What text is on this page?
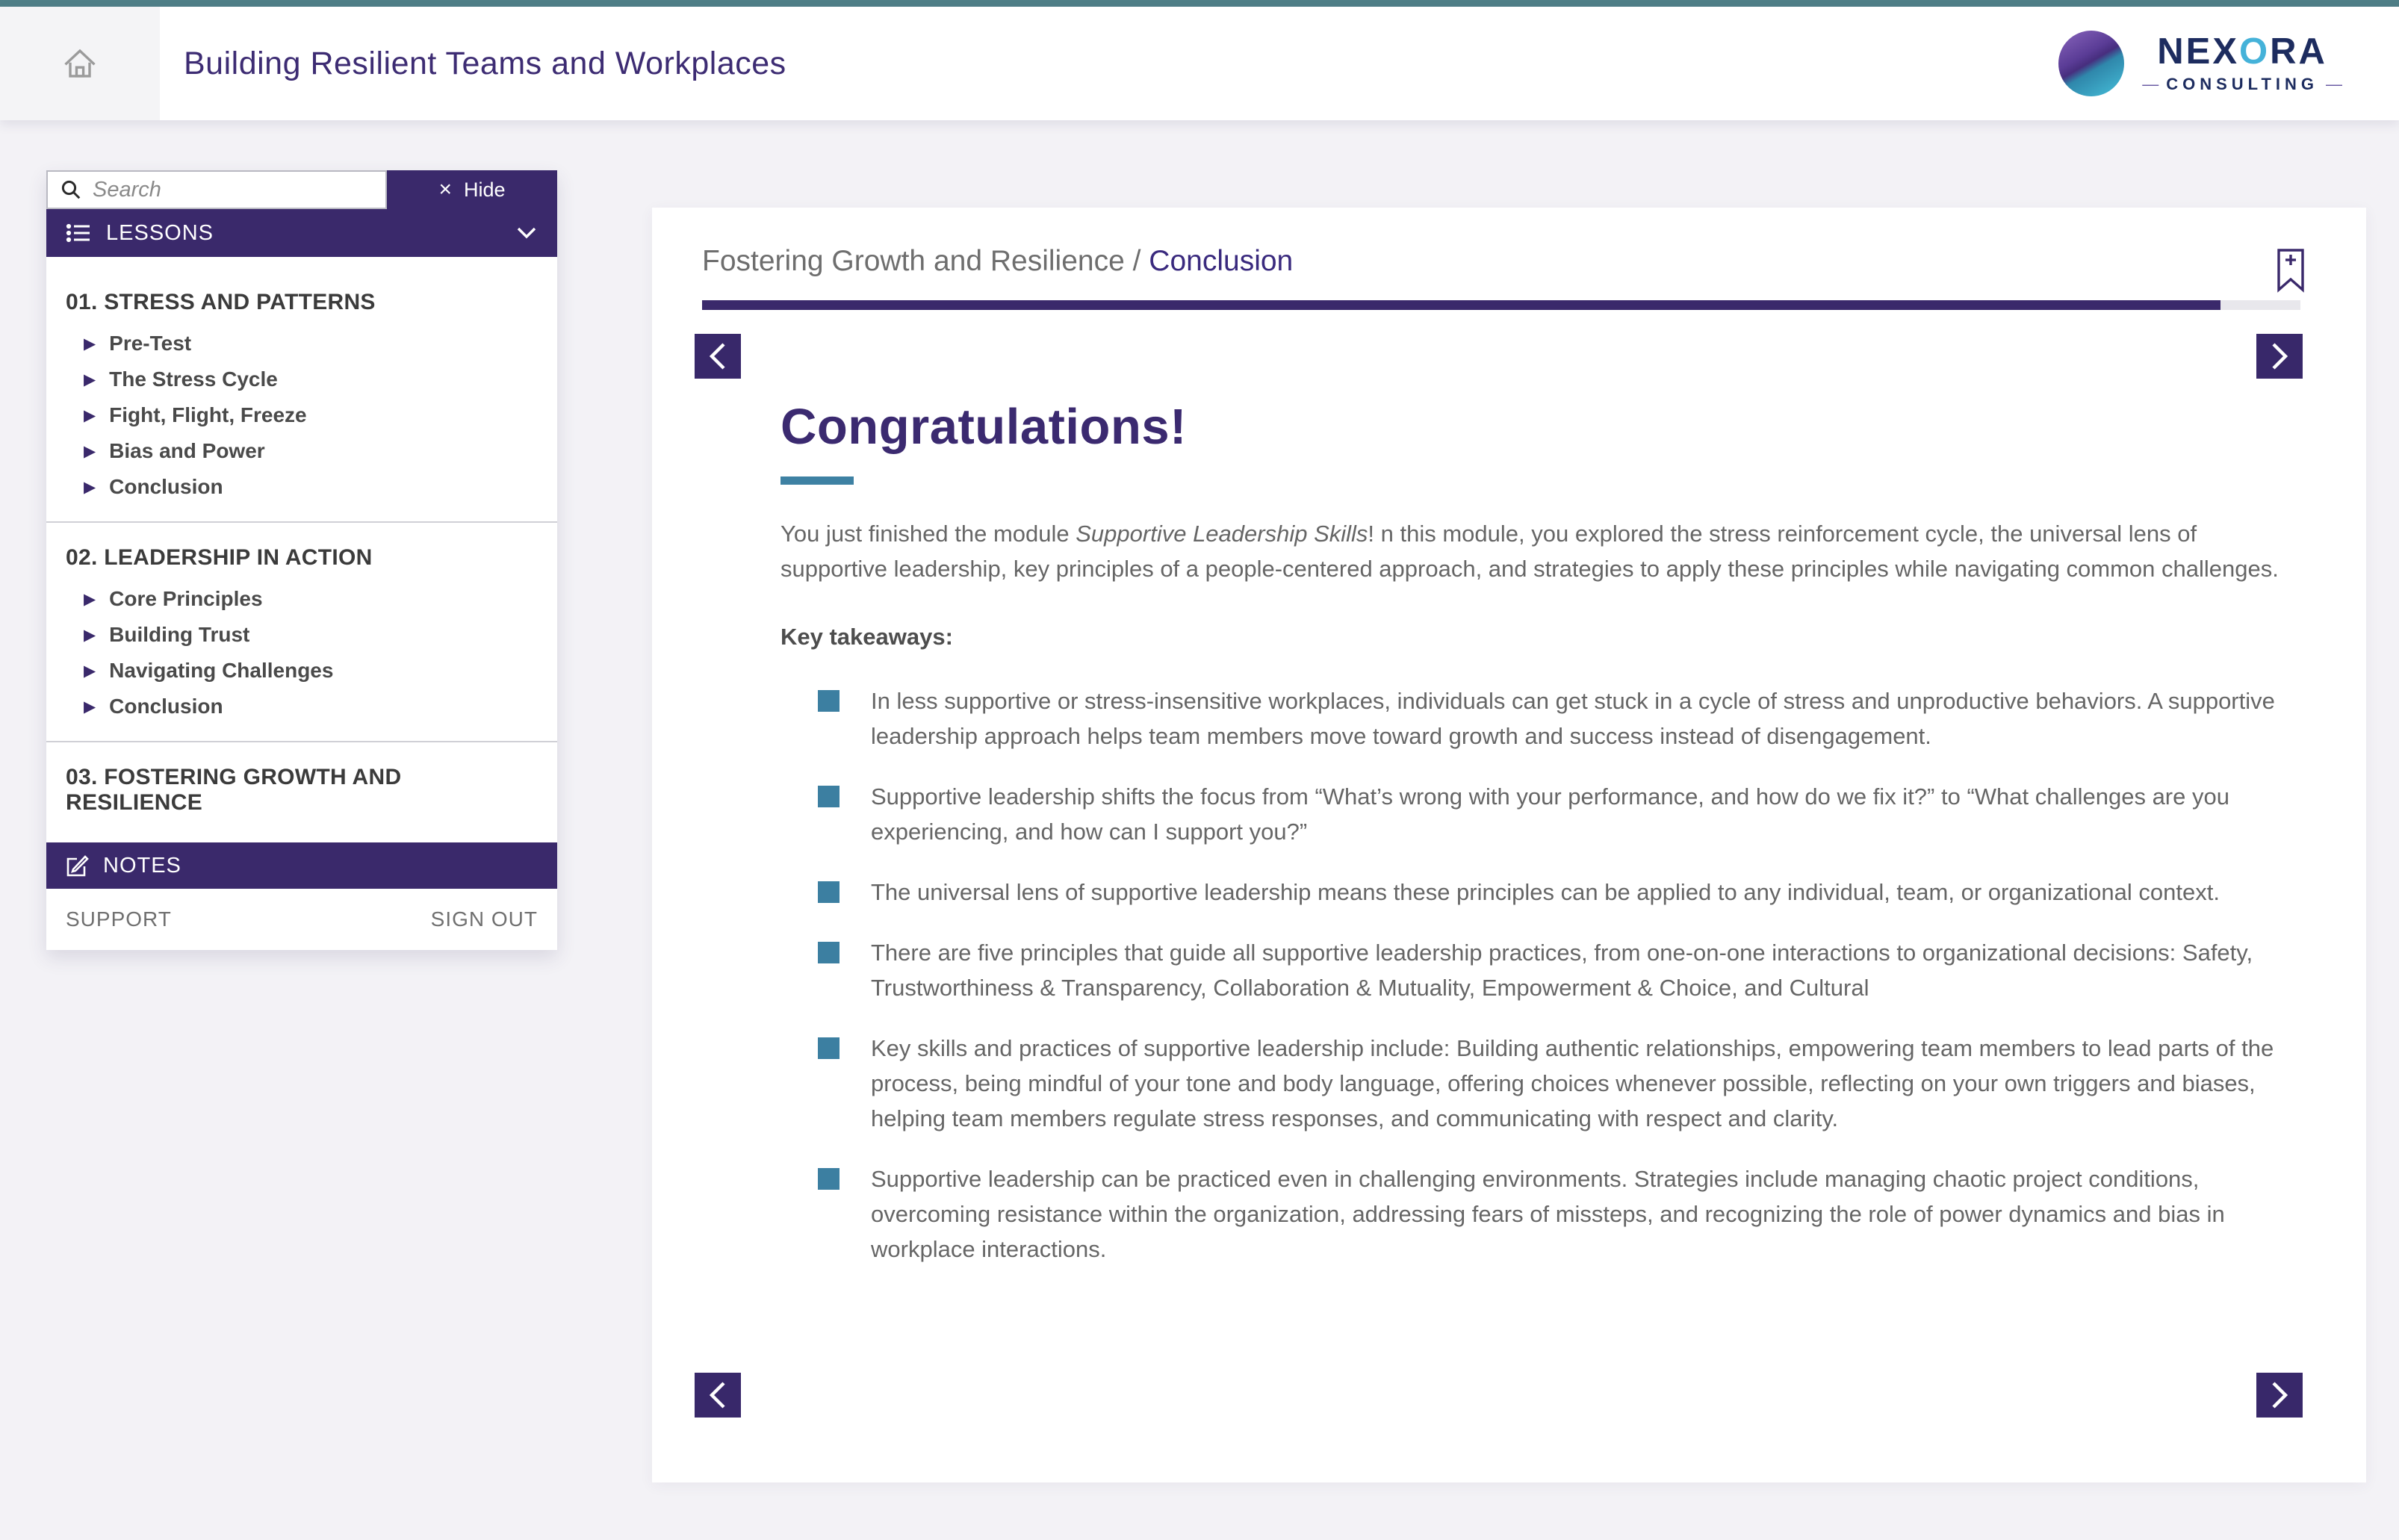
Building Resilient Teams and Workplaces	NEXORA
— CONSULTING —
Search
× Hide
LESSONS
01. STRESS AND PATTERNS
▶ Pre-Test
▶ The Stress Cycle
▶ Fight, Flight, Freeze
▶ Bias and Power
▶ Conclusion
02. LEADERSHIP IN ACTION
▶ Core Principles
▶ Building Trust
▶ Navigating Challenges
▶ Conclusion
03. FOSTERING GROWTH AND RESILIENCE
NOTES
SUPPORT	SIGN OUT
Fostering Growth and Resilience / Conclusion
Congratulations!

You just finished the module Supportive Leadership Skills! n this module, you explored the stress reinforcement cycle, the universal lens of supportive leadership, key principles of a people-centered approach, and strategies to apply these principles while navigating common challenges.

Key takeaways:

In less supportive or stress-insensitive workplaces, individuals can get stuck in a cycle of stress and unproductive behaviors. A supportive leadership approach helps team members move toward growth and success instead of disengagement.

Supportive leadership shifts the focus from “What’s wrong with your performance, and how do we fix it?” to “What challenges are you experiencing, and how can I support you?”

The universal lens of supportive leadership means these principles can be applied to any individual, team, or organizational context.

There are five principles that guide all supportive leadership practices, from one-on-one interactions to organizational decisions: Safety, Trustworthiness & Transparency, Collaboration & Mutuality, Empowerment & Choice, and Cultural

Key skills and practices of supportive leadership include: Building authentic relationships, empowering team members to lead parts of the process, being mindful of your tone and body language, offering choices whenever possible, reflecting on your own triggers and biases, helping team members regulate stress responses, and communicating with respect and clarity.

Supportive leadership can be practiced even in challenging environments. Strategies include managing chaotic project conditions, overcoming resistance within the organization, addressing fears of missteps, and recognizing the role of power dynamics and bias in workplace interactions.
